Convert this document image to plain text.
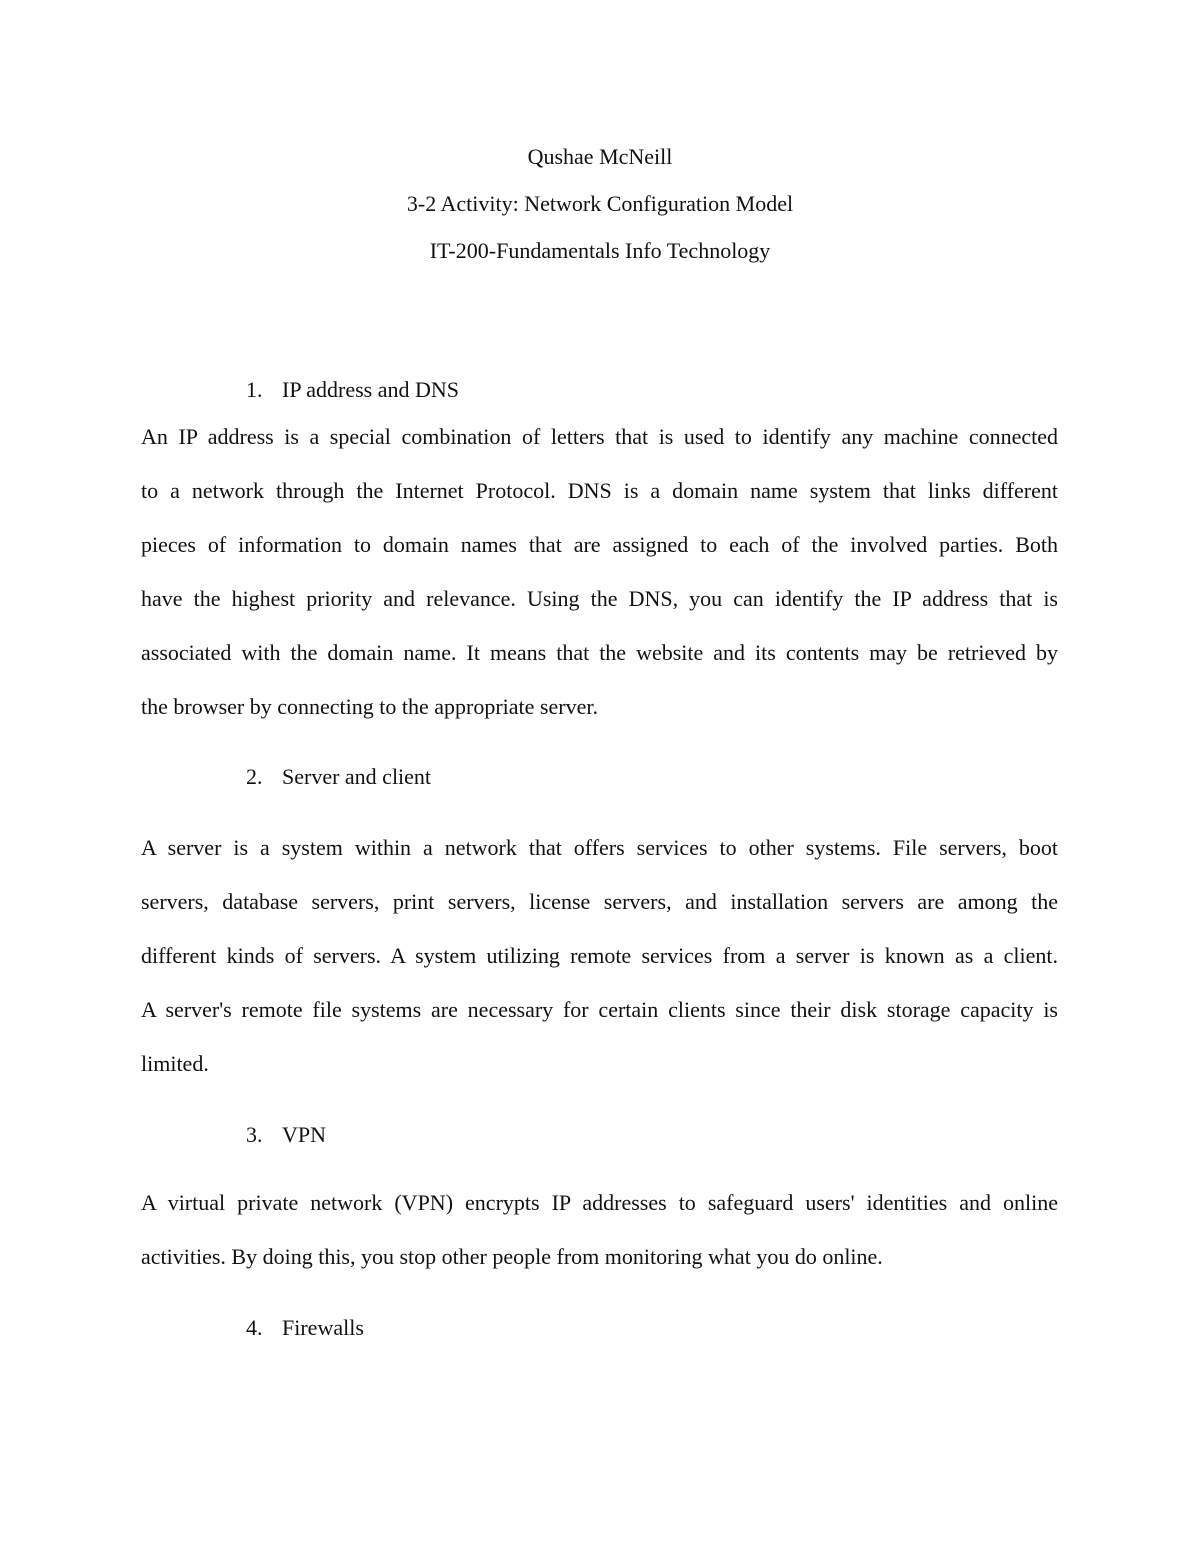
Qushae McNeill
3-2 Activity: Network Configuration Model
IT-200-Fundamentals Info Technology
1. IP address and DNS
An IP address is a special combination of letters that is used to identify any machine connected
to a network through the Internet Protocol. DNS is a domain name system that links different
pieces of information to domain names that are assigned to each of the involved parties. Both
have the highest priority and relevance. Using the DNS, you can identify the IP address that is
associated with the domain name. It means that the website and its contents may be retrieved by
the browser by connecting to the appropriate server.
2. Server and client
A server is a system within a network that offers services to other systems. File servers, boot
servers, database servers, print servers, license servers, and installation servers are among the
different kinds of servers. A system utilizing remote services from a server is known as a client.
A server's remote file systems are necessary for certain clients since their disk storage capacity is
limited.
3. VPN
A virtual private network (VPN) encrypts IP addresses to safeguard users' identities and online
activities. By doing this, you stop other people from monitoring what you do online.
4. Firewalls
